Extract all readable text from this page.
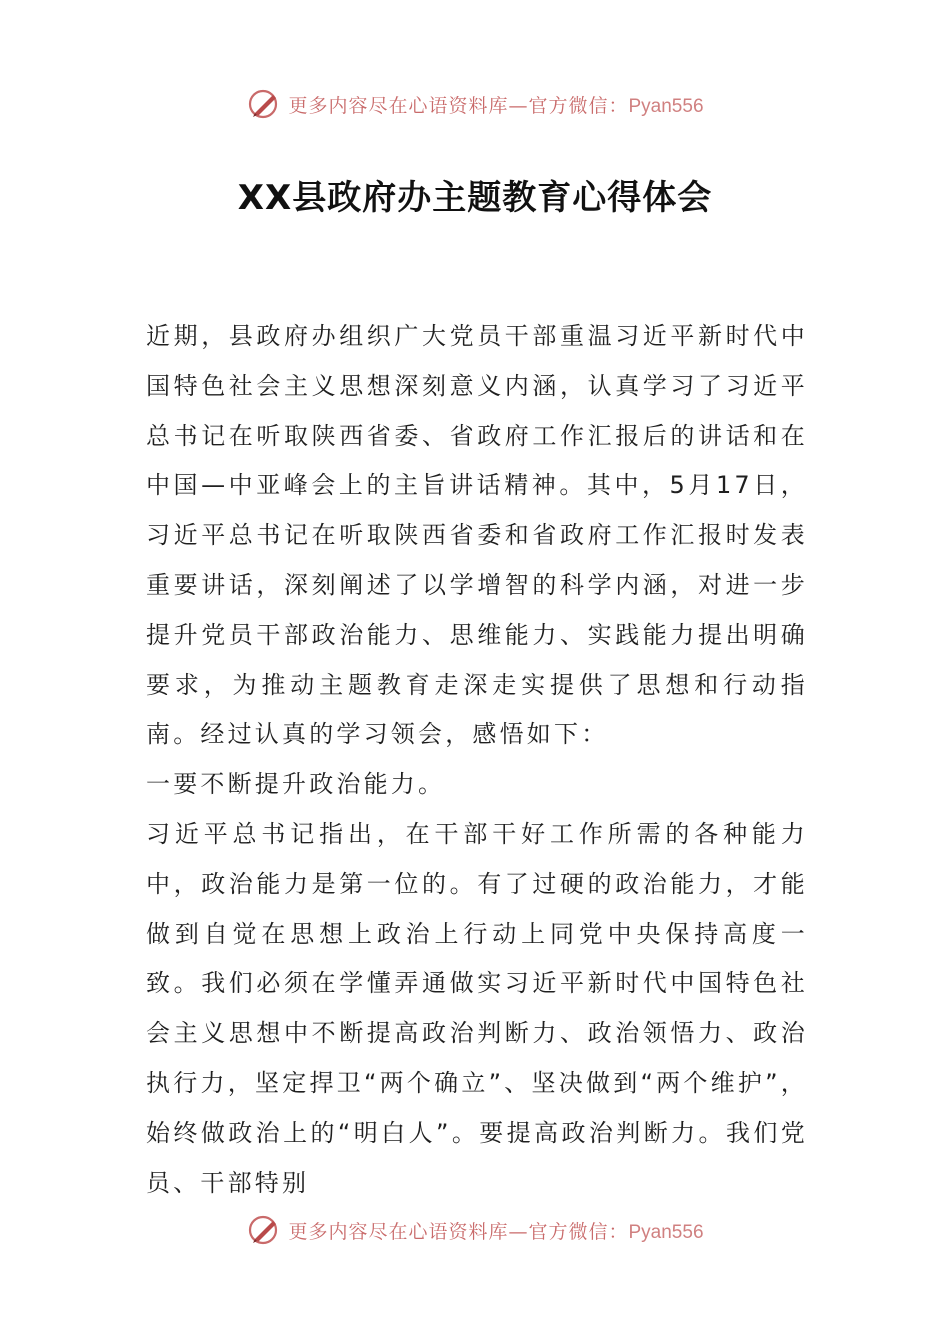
更多内容尽在心语资料库—官方微信：Pyan556
XX县政府办主题教育心得体会

近期，县政府办组织广大党员干部重温习近平新时代中国特色社会主义思想深刻意义内涵，认真学习了习近平总书记在听取陕西省委、省政府工作汇报后的讲话和在中国—中亚峰会上的主旨讲话精神。其中，5月17日，习近平总书记在听取陕西省委和省政府工作汇报时发表重要讲话，深刻阐述了以学增智的科学内涵，对进一步提升党员干部政治能力、思维能力、实践能力提出明确要求，为推动主题教育走深走实提供了思想和行动指南。经过认真的学习领会，感悟如下：

一要不断提升政治能力。

习近平总书记指出，在干部干好工作所需的各种能力中，政治能力是第一位的。有了过硬的政治能力，才能做到自觉在思想上政治上行动上同党中央保持高度一致。我们必须在学懂弄通做实习近平新时代中国特色社会主义思想中不断提高政治判断力、政治领悟力、政治执行力，坚定捍卫“两个确立”、坚决做到“两个维护”，始终做政治上的“明白人”。要提高政治判断力。我们党员、干部特别

更多内容尽在心语资料库—官方微信：Pyan556
